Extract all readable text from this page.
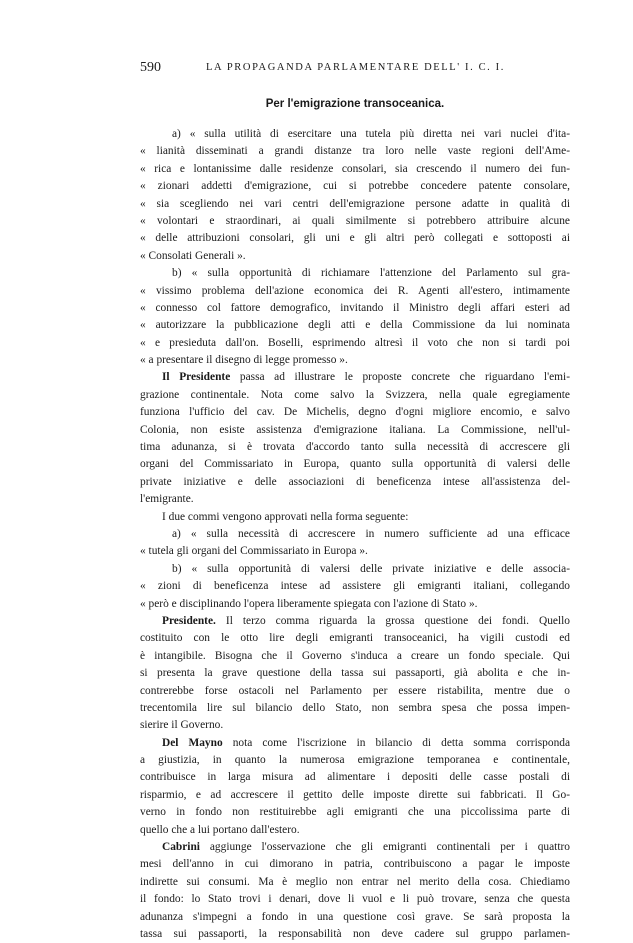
590	LA PROPAGANDA PARLAMENTARE DELL' I. C. I.
Per l'emigrazione transoceanica.
a) « sulla utilità di esercitare una tutela più diretta nei vari nuclei d'ita-
« lianità disseminati a grandi distanze tra loro nelle vaste regioni dell'Ame-
« rica e lontanissime dalle residenze consolari, sia crescendo il numero dei fun-
« zionari addetti d'emigrazione, cui si potrebbe concedere patente consolare,
« sia scegliendo nei vari centri dell'emigrazione persone adatte in qualità di
« volontari e straordinari, ai quali similmente si potrebbero attribuire alcune
« delle attribuzioni consolari, gli uni e gli altri però collegati e sottoposti ai
« Consolati Generali ».
b) « sulla opportunità di richiamare l'attenzione del Parlamento sul gra-
« vissimo problema dell'azione economica dei R. Agenti all'estero, intimamente
« connesso col fattore demografico, invitando il Ministro degli affari esteri ad
« autorizzare la pubblicazione degli atti e della Commissione da lui nominata
« e presieduta dall'on. Boselli, esprimendo altresì il voto che non si tardi poi
« a presentare il disegno di legge promesso ».
Il Presidente passa ad illustrare le proposte concrete che riguardano l'emi-
grazione continentale. Nota come salvo la Svizzera, nella quale egregiamente
funziona l'ufficio del cav. De Michelis, degno d'ogni migliore encomio, e salvo
Colonia, non esiste assistenza d'emigrazione italiana. La Commissione, nell'ul-
tima adunanza, si è trovata d'accordo tanto sulla necessità di accrescere gli
organi del Commissariato in Europa, quanto sulla opportunità di valersi delle
private iniziative e delle associazioni di beneficenza intese all'assistenza del-
l'emigrante.
I due commi vengono approvati nella forma seguente:
a) « sulla necessità di accrescere in numero sufficiente ad una efficace
« tutela gli organi del Commissariato in Europa ».
b) « sulla opportunità di valersi delle private iniziative e delle associa-
« zioni di beneficenza intese ad assistere gli emigranti italiani, collegando
« però e disciplinando l'opera liberamente spiegata con l'azione di Stato ».
Presidente. Il terzo comma riguarda la grossa questione dei fondi. Quello
costituito con le otto lire degli emigranti transoceanici, ha vigili custodi ed
è intangibile. Bisogna che il Governo s'induca a creare un fondo speciale. Qui
si presenta la grave questione della tassa sui passaporti, già abolita e che in-
contrerebbe forse ostacoli nel Parlamento per essere ristabilita, mentre due o
trecentomila lire sul bilancio dello Stato, non sembra spesa che possa impen-
sierire il Governo.
Del Mayno nota come l'iscrizione in bilancio di detta somma corrisponda
a giustizia, in quanto la numerosa emigrazione temporanea e continentale,
contribuisce in larga misura ad alimentare i depositi delle casse postali di
risparmio, e ad accrescere il gettito delle imposte dirette sui fabbricati. Il Go-
verno in fondo non restituirebbe agli emigranti che una piccolissima parte di
quello che a lui portano dall'estero.
Cabrini aggiunge l'osservazione che gli emigranti continentali per i quattro
mesi dell'anno in cui dimorano in patria, contribuiscono a pagar le imposte
indirette sui consumi. Ma è meglio non entrar nel merito della cosa. Chiediamo
il fondo: lo Stato trovi i denari, dove li vuol e li può trovare, senza che questa
adunanza s'impegni a fondo in una questione così grave. Se sarà proposta la
tassa sui passaporti, la responsabilità non deve cadere sul gruppo parlamen-
